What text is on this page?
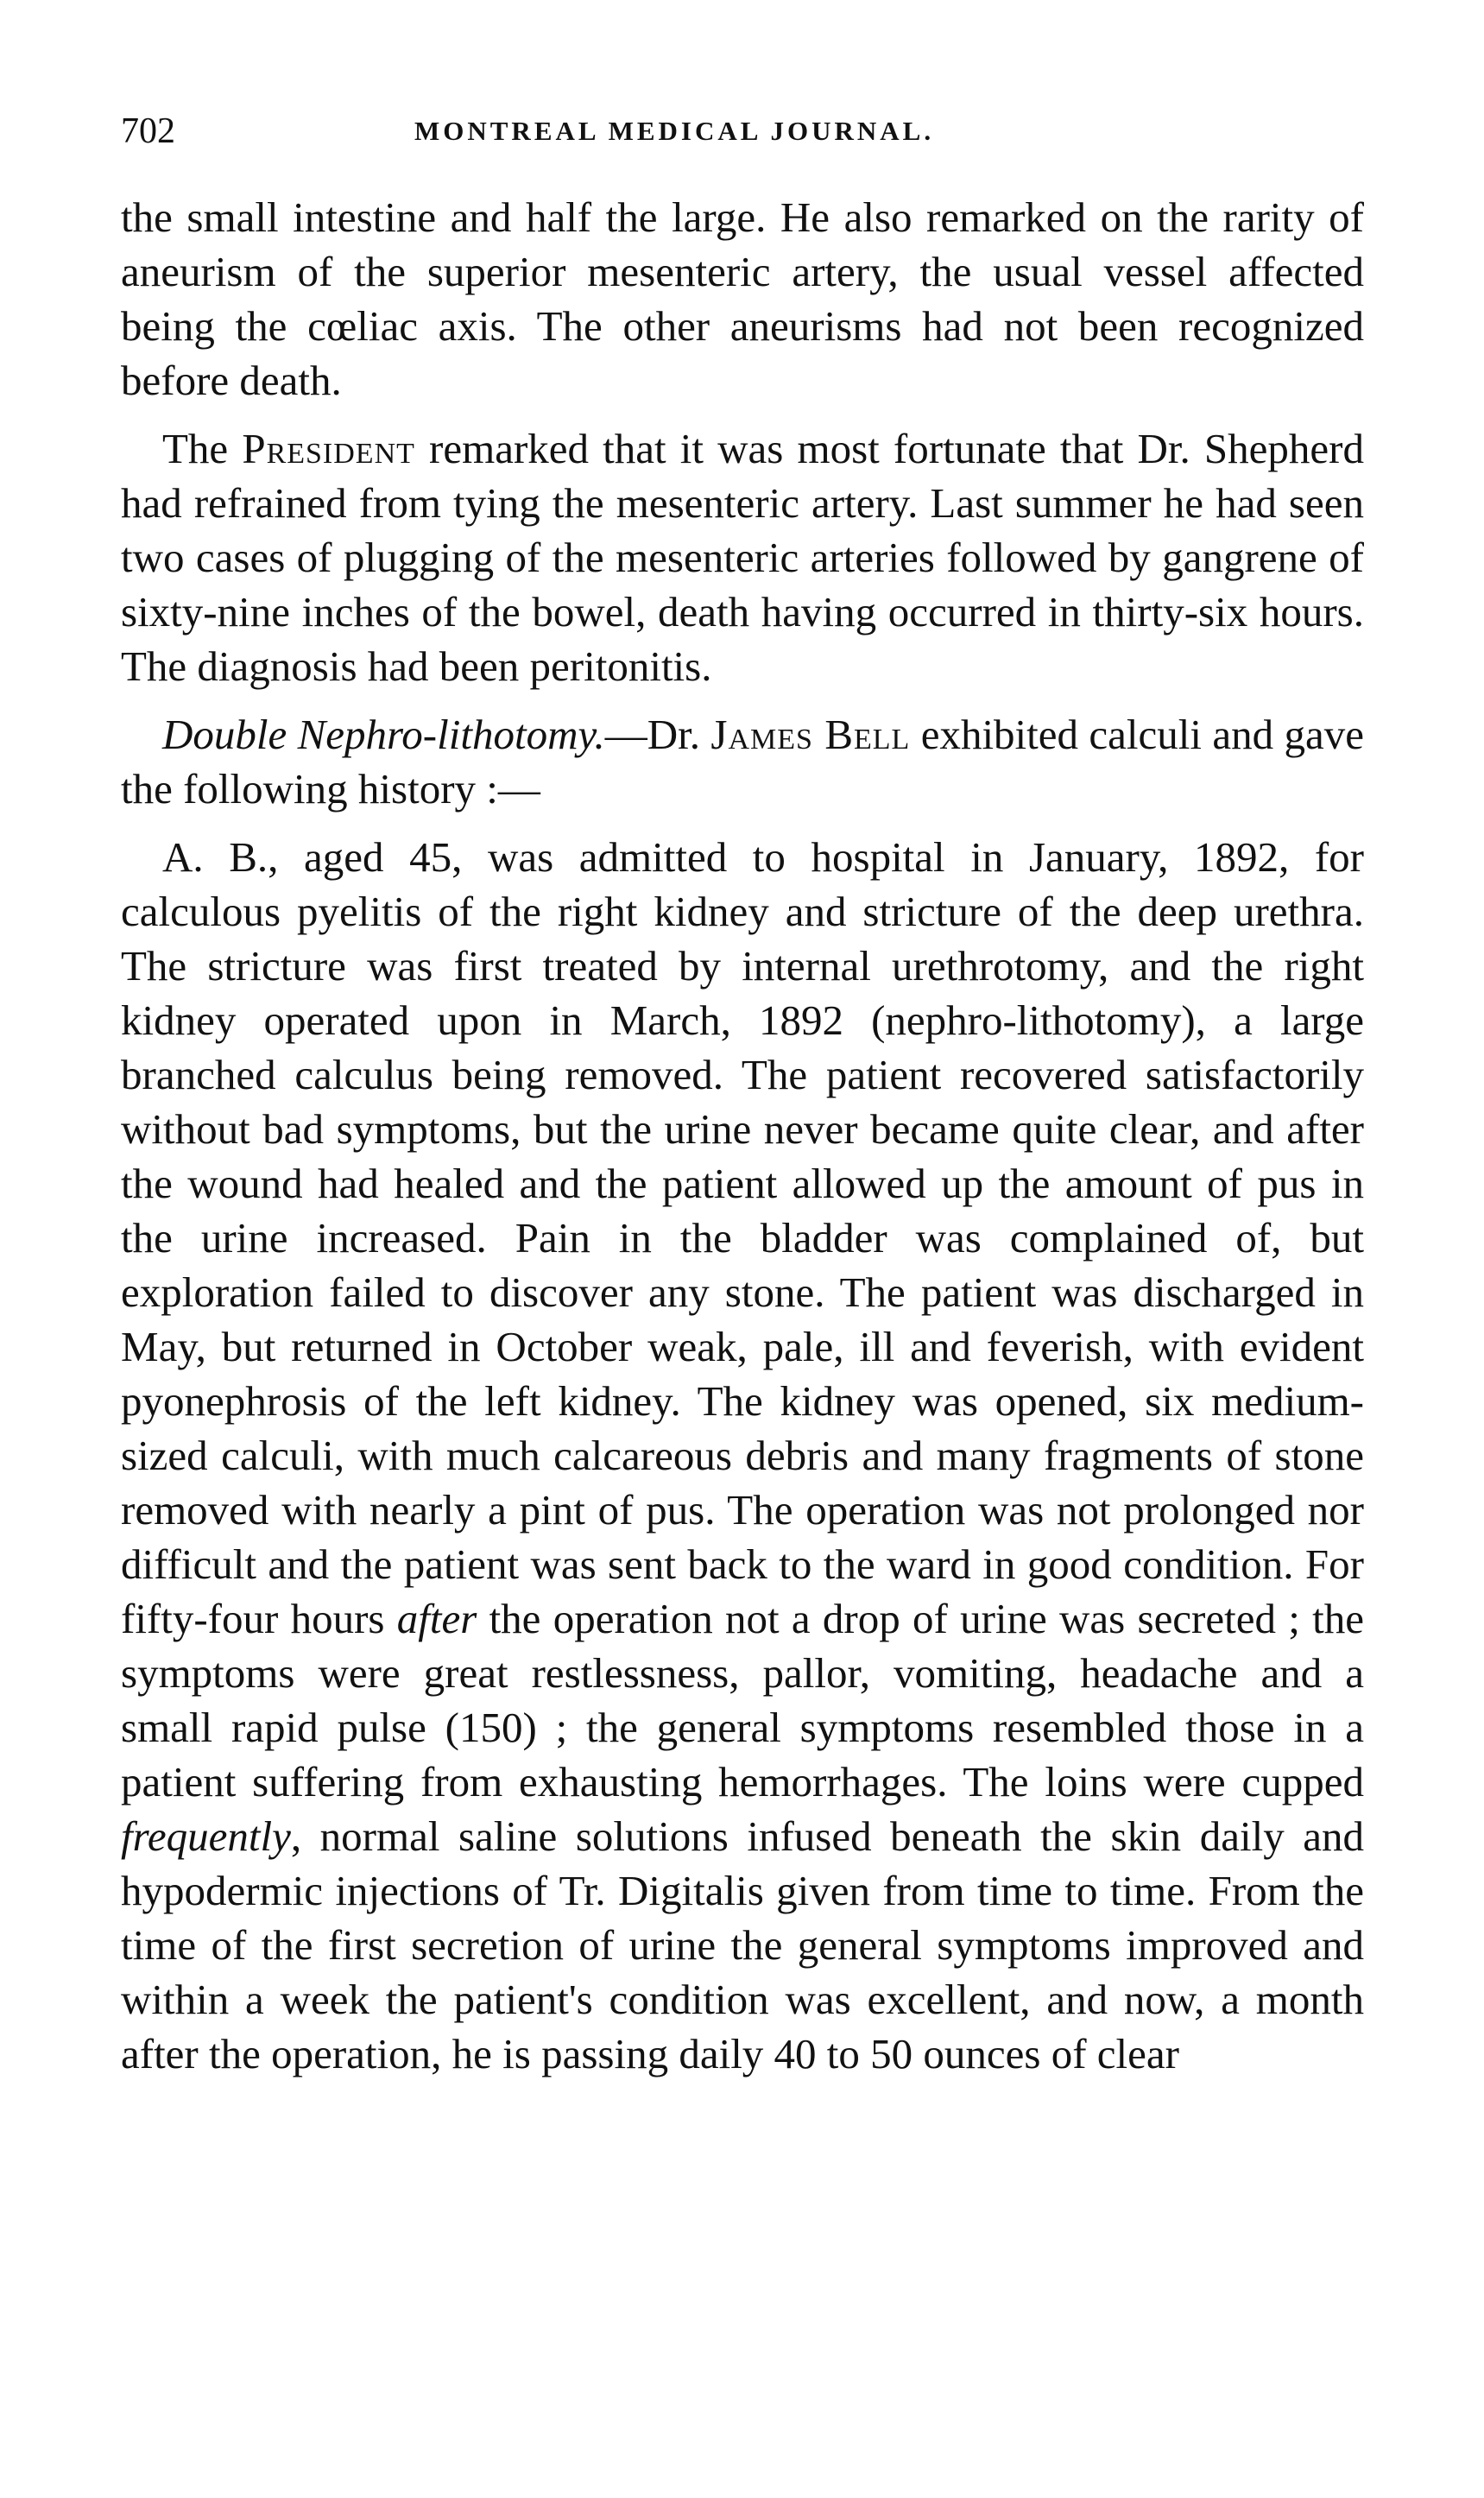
702	MONTREAL MEDICAL JOURNAL.

the small intestine and half the large. He also remarked on the rarity of aneurism of the superior mesenteric artery, the usual vessel affected being the cœliac axis. The other aneurisms had not been recognized before death.

The President remarked that it was most fortunate that Dr. Shepherd had refrained from tying the mesenteric artery. Last summer he had seen two cases of plugging of the mesenteric arteries followed by gangrene of sixty-nine inches of the bowel, death having occurred in thirty-six hours. The diagnosis had been peritonitis.

Double Nephro-lithotomy.—Dr. James Bell exhibited calculi and gave the following history :—

A. B., aged 45, was admitted to hospital in January, 1892, for calculous pyelitis of the right kidney and stricture of the deep urethra. The stricture was first treated by internal urethrotomy, and the right kidney operated upon in March, 1892 (nephro-lithotomy), a large branched calculus being removed. The patient recovered satisfactorily without bad symptoms, but the urine never became quite clear, and after the wound had healed and the patient allowed up the amount of pus in the urine increased. Pain in the bladder was complained of, but exploration failed to discover any stone. The patient was discharged in May, but returned in October weak, pale, ill and feverish, with evident pyonephrosis of the left kidney. The kidney was opened, six medium-sized calculi, with much calcareous debris and many fragments of stone removed with nearly a pint of pus. The operation was not prolonged nor difficult and the patient was sent back to the ward in good condition. For fifty-four hours after the operation not a drop of urine was secreted ; the symptoms were great restlessness, pallor, vomiting, headache and a small rapid pulse (150) ; the general symptoms resembled those in a patient suffering from exhausting hemorrhages. The loins were cupped frequently, normal saline solutions infused beneath the skin daily and hypodermic injections of Tr. Digitalis given from time to time. From the time of the first secretion of urine the general symptoms improved and within a week the patient's condition was excellent, and now, a month after the operation, he is passing daily 40 to 50 ounces of clear
